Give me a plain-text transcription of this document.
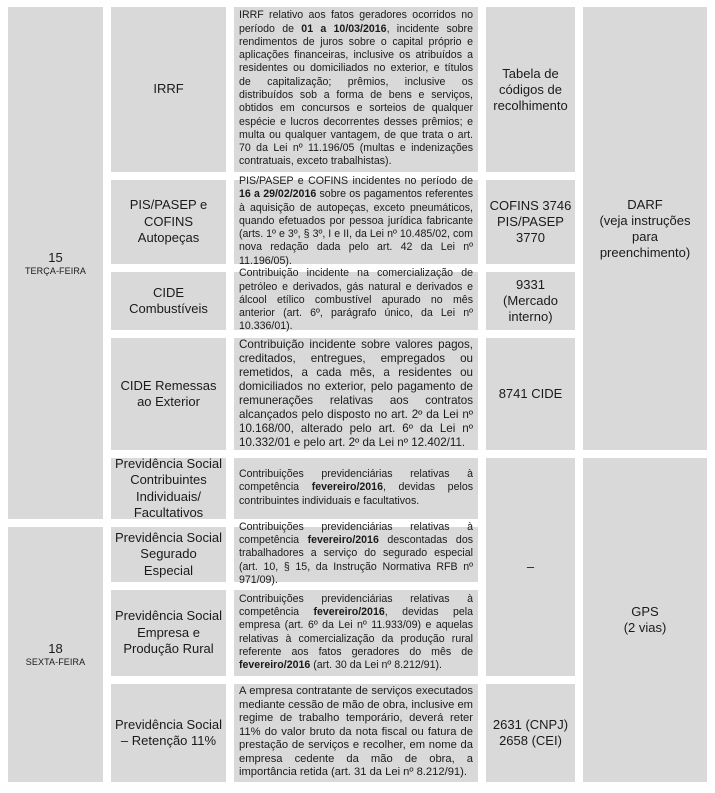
15
TERÇA-FEIRA
18
SEXTA-FEIRA
IRRF
IRRF relativo aos fatos geradores ocorridos no período de 01 a 10/03/2016, incidente sobre rendimentos de juros sobre o capital próprio e aplicações financeiras, inclusive os atribuídos a residentes ou domiciliados no exterior, e títulos de capitalização; prêmios, inclusive os distribuídos sob a forma de bens e serviços, obtidos em concursos e sorteios de qualquer espécie e lucros decorrentes desses prêmios; e multa ou qualquer vantagem, de que trata o art. 70 da Lei nº 11.196/05 (multas e indenizações contratuais, exceto trabalhistas).
Tabela de códigos de recolhimento
PIS/PASEP e COFINS Autopeças
PIS/PASEP e COFINS incidentes no período de 16 a 29/02/2016 sobre os pagamentos referentes à aquisição de autopeças, exceto pneumáticos, quando efetuados por pessoa jurídica fabricante (arts. 1º e 3º, § 3º, I e II, da Lei nº 10.485/02, com nova redação dada pelo art. 42 da Lei nº 11.196/05).
COFINS 3746 PIS/PASEP 3770
CIDE Combustíveis
Contribuição incidente na comercialização de petróleo e derivados, gás natural e derivados e álcool etílico combustível apurado no mês anterior (art. 6º, parágrafo único, da Lei nº 10.336/01).
9331 (Mercado interno)
CIDE Remessas ao Exterior
Contribuição incidente sobre valores pagos, creditados, entregues, empregados ou remetidos, a cada mês, a residentes ou domiciliados no exterior, pelo pagamento de remunerações relativas aos contratos alcançados pelo disposto no art. 2º da Lei nº 10.168/00, alterado pelo art. 6º da Lei nº 10.332/01 e pelo art. 2º da Lei nº 12.402/11.
8741 CIDE
DARF
(veja instruções para preenchimento)
Previdência Social Contribuintes Individuais/ Facultativos
Contribuições previdenciárias relativas à competência fevereiro/2016, devidas pelos contribuintes individuais e facultativos.
–
GPS
(2 vias)
Previdência Social Segurado Especial
Contribuições previdenciárias relativas à competência fevereiro/2016 descontadas dos trabalhadores a serviço do segurado especial (art. 10, § 15, da Instrução Normativa RFB nº 971/09).
Previdência Social Empresa e Produção Rural
Contribuições previdenciárias relativas à competência fevereiro/2016, devidas pela empresa (art. 6º da Lei nº 11.933/09) e aquelas relativas à comercialização da produção rural referente aos fatos geradores do mês de fevereiro/2016 (art. 30 da Lei nº 8.212/91).
Previdência Social – Retenção 11%
A empresa contratante de serviços executados mediante cessão de mão de obra, inclusive em regime de trabalho temporário, deverá reter 11% do valor bruto da nota fiscal ou fatura de prestação de serviços e recolher, em nome da empresa cedente da mão de obra, a importância retida (art. 31 da Lei nº 8.212/91).
2631 (CNPJ) 2658 (CEI)
